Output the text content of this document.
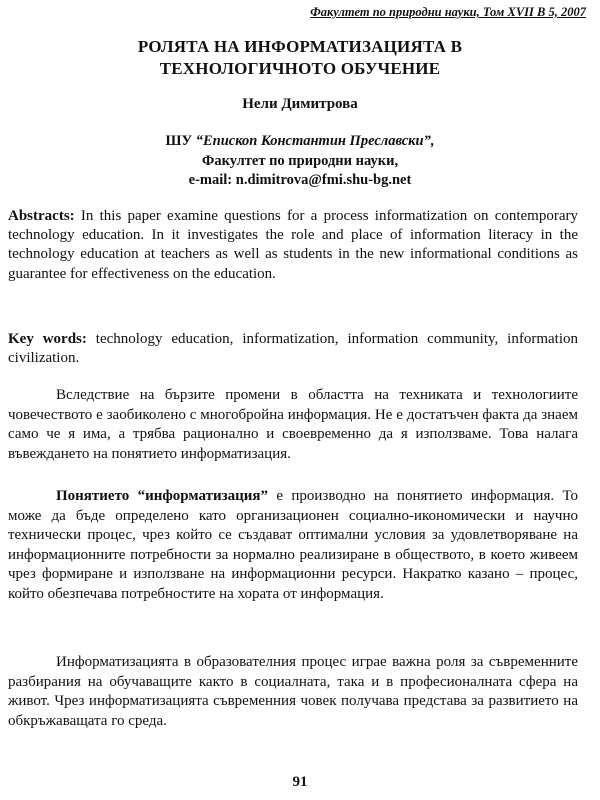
Факултет по природни науки, Том XVII В 5, 2007
РОЛЯТА НА ИНФОРМАТИЗАЦИЯТА В
ТЕХНОЛОГИЧНОТО ОБУЧЕНИЕ
Нели Димитрова
ШУ “Епископ Константин Преславски”,
Факултет по природни науки,
e-mail: n.dimitrova@fmi.shu-bg.net

Abstracts: In this paper examine questions for a process informatization on contemporary technology education. In it investigates the role and place of information literacy in the technology education at teachers as well as students in the new informational conditions as guarantee for effectiveness on the education.

Key words: technology education, informatization, information community, information civilization.

Вследствие на бързите промени в областта на техниката и технологиите човечеството е заобиколено с многобройна информация. Не е достатъчен факта да знаем само че я има, а трябва рационално и своевременно да я използваме. Това налага въвеждането на понятието информатизация.

Понятието “информатизация” е производно на понятието информация. То може да бъде определено като организационен социално-икономически и научно технически процес, чрез който се създават оптимални условия за удовлетворяване на информационните потребности за нормално реализиране в обществото, в което живеем чрез формиране и използване на информационни ресурси. Накратко казано – процес, който обезпечава потребностите на хората от информация.

Информатизацията в образователния процес играе важна роля за съвременните разбирания на обучаващите както в социалната, така и в професионалната сфера на живот. Чрез информатизацията съвременния човек получава представа за развитието на обкръжаващата го среда.

91
